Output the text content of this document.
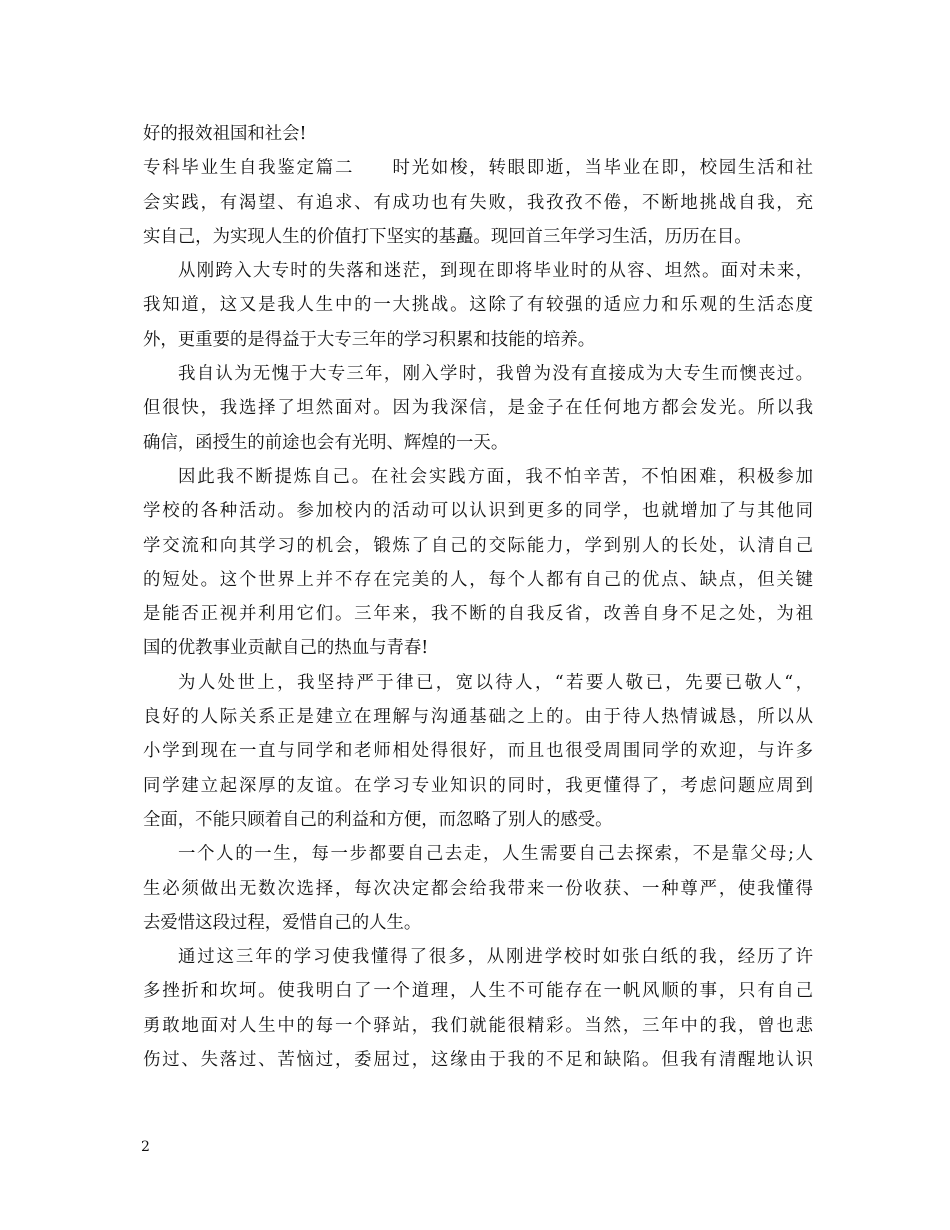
好的报效祖国和社会!
专科毕业生自我鉴定篇二　　时光如梭，转眼即逝，当毕业在即，校园生活和社
会实践，有渴望、有追求、有成功也有失败，我孜孜不倦，不断地挑战自我，充
实自己，为实现人生的价值打下坚实的基矗。现回首三年学习生活，历历在目。
从刚跨入大专时的失落和迷茫，到现在即将毕业时的从容、坦然。面对未来，
我知道，这又是我人生中的一大挑战。这除了有较强的适应力和乐观的生活态度
外，更重要的是得益于大专三年的学习积累和技能的培养。
我自认为无愧于大专三年，刚入学时，我曾为没有直接成为大专生而懊丧过。
但很快，我选择了坦然面对。因为我深信，是金子在任何地方都会发光。所以我
确信，函授生的前途也会有光明、辉煌的一天。
因此我不断提炼自己。在社会实践方面，我不怕辛苦，不怕困难，积极参加
学校的各种活动。参加校内的活动可以认识到更多的同学，也就增加了与其他同
学交流和向其学习的机会，锻炼了自己的交际能力，学到别人的长处，认清自己
的短处。这个世界上并不存在完美的人，每个人都有自己的优点、缺点，但关键
是能否正视并利用它们。三年来，我不断的自我反省，改善自身不足之处，为祖
国的优教事业贡献自己的热血与青春!
为人处世上，我坚持严于律已，宽以待人，“若要人敬已，先要已敬人“，
良好的人际关系正是建立在理解与沟通基础之上的。由于待人热情诚恳，所以从
小学到现在一直与同学和老师相处得很好，而且也很受周围同学的欢迎，与许多
同学建立起深厚的友谊。在学习专业知识的同时，我更懂得了，考虑问题应周到
全面，不能只顾着自己的利益和方便，而忽略了别人的感受。
一个人的一生，每一步都要自己去走，人生需要自己去探索，不是靠父母;人
生必须做出无数次选择，每次决定都会给我带来一份收获、一种尊严，使我懂得
去爱惜这段过程，爱惜自己的人生。
通过这三年的学习使我懂得了很多，从刚进学校时如张白纸的我，经历了许
多挫折和坎坷。使我明白了一个道理，人生不可能存在一帆风顺的事，只有自己
勇敢地面对人生中的每一个驿站，我们就能很精彩。当然，三年中的我，曾也悲
伤过、失落过、苦恼过，委屈过，这缘由于我的不足和缺陷。但我有清醒地认识
2
